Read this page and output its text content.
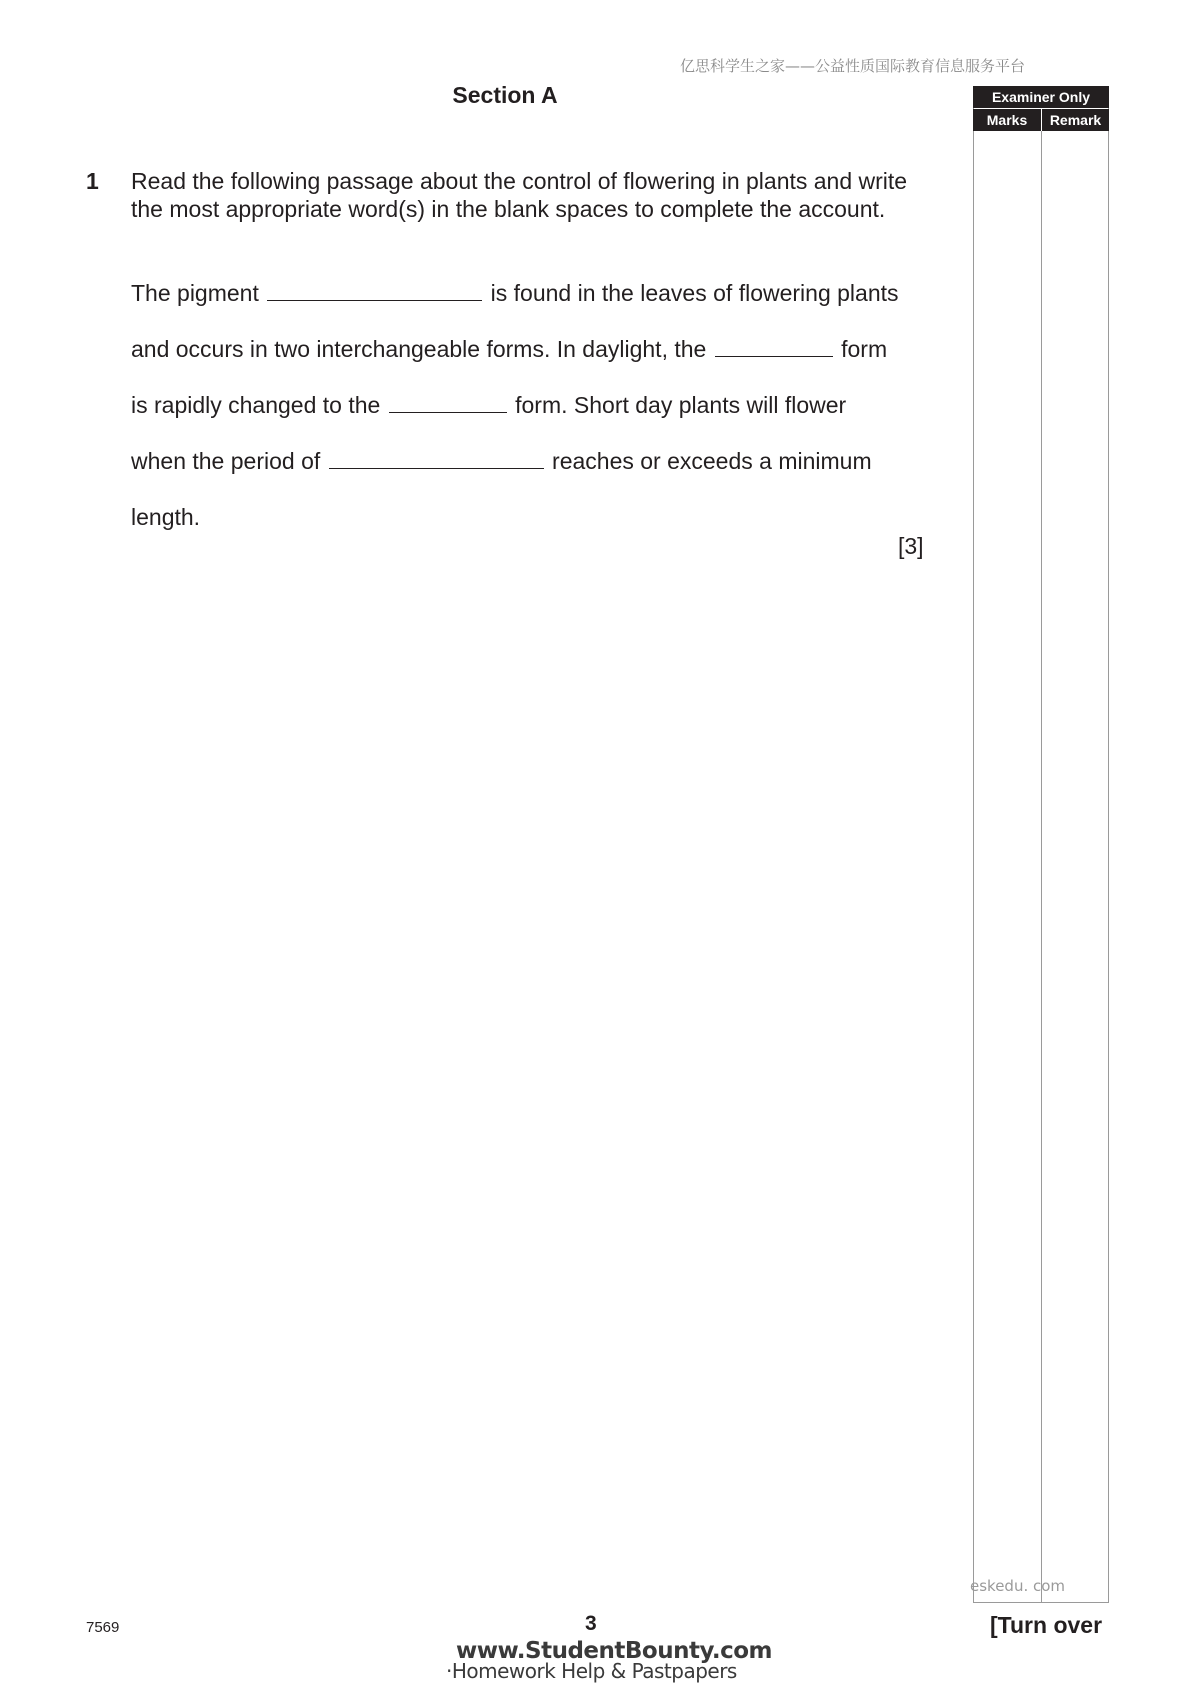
亿思科学生之家——公益性质国际教育信息服务平台
Section A	Examiner Only
Marks	Remark
eskedu. com
1 Read the following passage about the control of flowering in plants and write the most appropriate word(s) in the blank spaces to complete the account.
The pigment	is found in the leaves of flowering plants
and occurs in two interchangeable forms. In daylight, the	form
is rapidly changed to the	form. Short day plants will flower
when the period of	reaches or exceeds a minimum
length.
[3]
7569	3	[Turn over
www.StudentBounty.com
·Homework Help & Pastpapers
